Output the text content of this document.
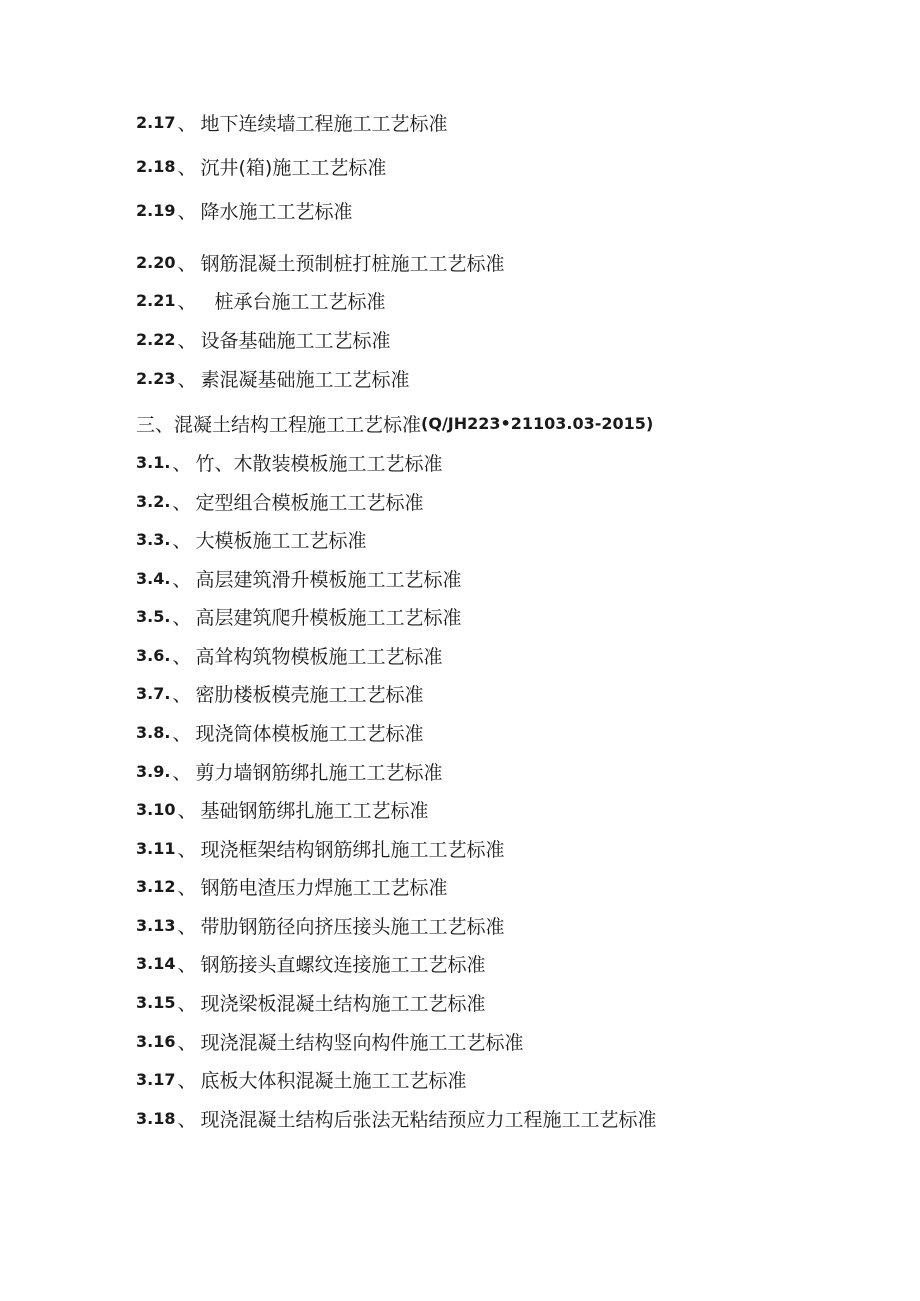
2.17 、 地下连续墙工程施工工艺标准
2.18 、 沉井(箱)施工工艺标准
2.19 、 降水施工工艺标准
2.20 、 钢筋混凝土预制桩打桩施工工艺标准
2.21 、 桩承台施工工艺标准
2.22 、 设备基础施工工艺标准
2.23 、 素混凝基础施工工艺标准
三、 混凝土结构工程施工工艺标准 (Q/JH223•21103.03-2015)
3.1. 、 竹、木散装模板施工工艺标准
3.2. 、 定型组合模板施工工艺标准
3.3. 、 大模板施工工艺标准
3.4. 、 高层建筑滑升模板施工工艺标准
3.5. 、 高层建筑爬升模板施工工艺标准
3.6. 、 高耸构筑物模板施工工艺标准
3.7. 、 密肋楼板模壳施工工艺标准
3.8. 、 现浇筒体模板施工工艺标准
3.9. 、 剪力墙钢筋绑扎施工工艺标准
3.10 、 基础钢筋绑扎施工工艺标准
3.11 、 现浇框架结构钢筋绑扎施工工艺标准
3.12 、 钢筋电渣压力焊施工工艺标准
3.13 、 带肋钢筋径向挤压接头施工工艺标准
3.14 、 钢筋接头直螺纹连接施工工艺标准
3.15 、 现浇梁板混凝土结构施工工艺标准
3.16 、 现浇混凝土结构竖向构件施工工艺标准
3.17 、 底板大体积混凝土施工工艺标准
3.18 、 现浇混凝土结构后张法无粘结预应力工程施工工艺标准
